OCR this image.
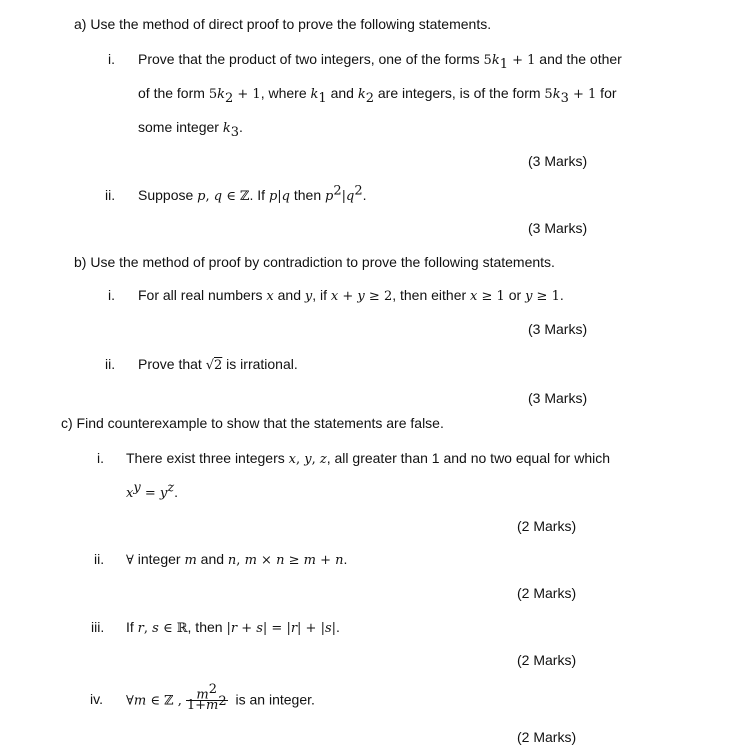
a) Use the method of direct proof to prove the following statements.
i. Prove that the product of two integers, one of the forms $5k_1 + 1$ and the other
of the form $5k_2 + 1$, where $k_1$ and $k_2$ are integers, is of the form $5k_3 + 1$ for
some integer $k_3$.
(3 Marks)
ii. Suppose p, q ∈ ℤ. If p|q then $p^2|q^2$.
(3 Marks)
b) Use the method of proof by contradiction to prove the following statements.
i. For all real numbers x and y, if x + y ≥ 2, then either x ≥ 1 or y ≥ 1.
(3 Marks)
ii. Prove that √2 is irrational.
(3 Marks)
c) Find counterexample to show that the statements are false.
i. There exist three integers x, y, z, all greater than 1 and no two equal for which
$x^y = y^z$.
(2 Marks)
ii. ∀ integer m and n, m × n ≥ m + n.
(2 Marks)
iii. If r, s ∈ ℝ, then |r + s| = |r| + |s|.
(2 Marks)
iv. ∀m ∈ ℤ , $\frac{m^2}{1+m^2}$ is an integer.
(2 Marks)
